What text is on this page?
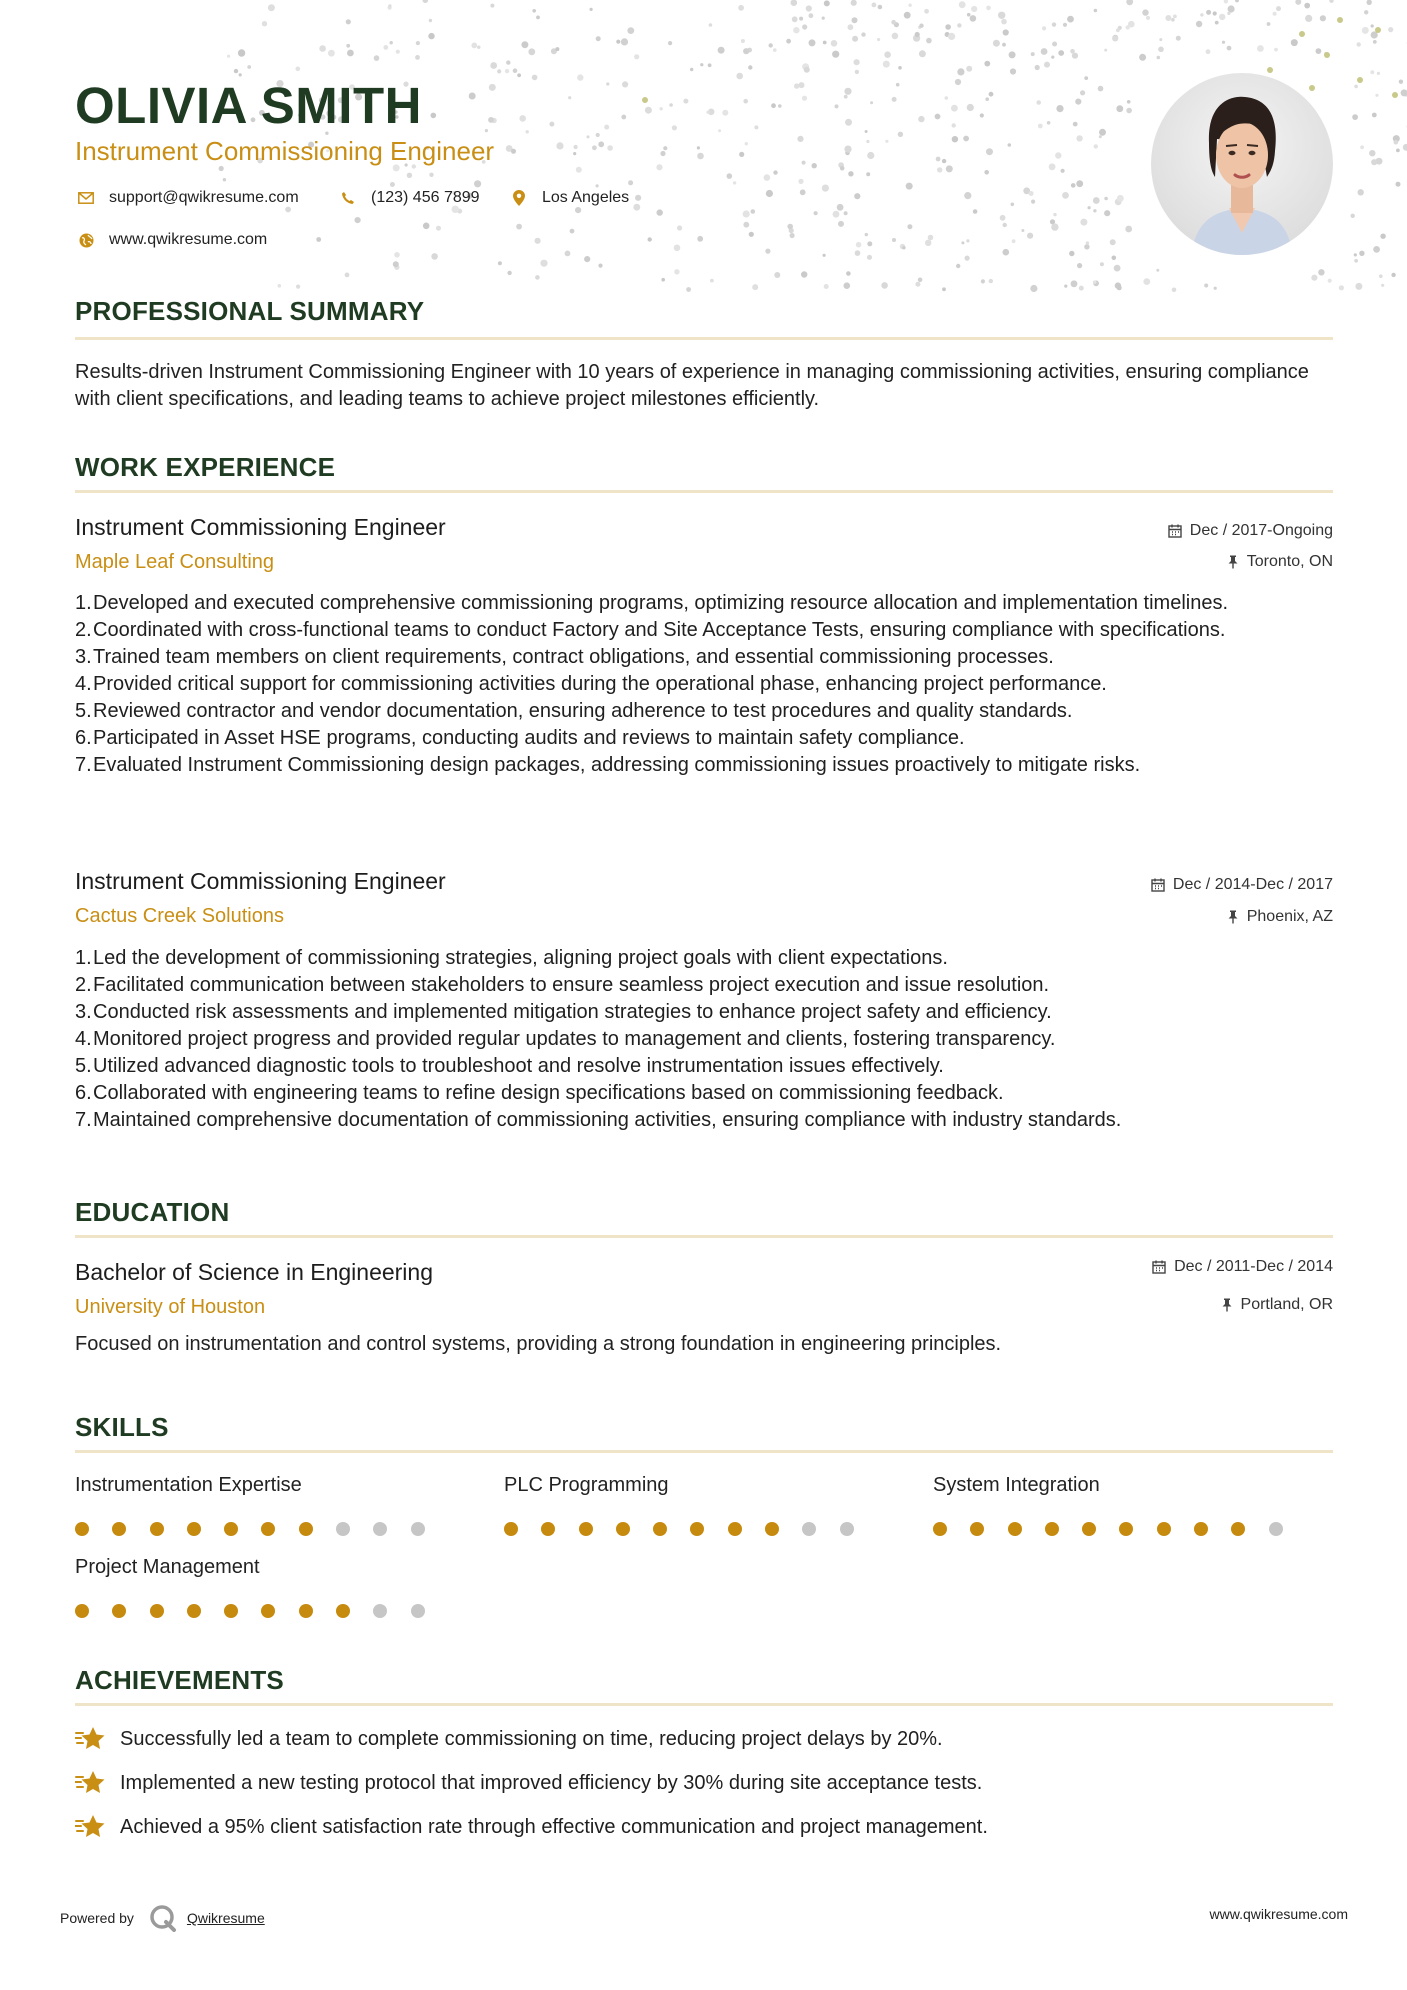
OLIVIA SMITH
Instrument Commissioning Engineer
support@qwikresume.com	(123) 456 7899	Los Angeles
www.qwikresume.com
PROFESSIONAL SUMMARY
Results-driven Instrument Commissioning Engineer with 10 years of experience in managing commissioning activities, ensuring compliance with client specifications, and leading teams to achieve project milestones efficiently.
WORK EXPERIENCE
Instrument Commissioning Engineer
Maple Leaf Consulting
Dec / 2017-Ongoing
Toronto, ON
1. Developed and executed comprehensive commissioning programs, optimizing resource allocation and implementation timelines.
2. Coordinated with cross-functional teams to conduct Factory and Site Acceptance Tests, ensuring compliance with specifications.
3. Trained team members on client requirements, contract obligations, and essential commissioning processes.
4. Provided critical support for commissioning activities during the operational phase, enhancing project performance.
5. Reviewed contractor and vendor documentation, ensuring adherence to test procedures and quality standards.
6. Participated in Asset HSE programs, conducting audits and reviews to maintain safety compliance.
7. Evaluated Instrument Commissioning design packages, addressing commissioning issues proactively to mitigate risks.
Instrument Commissioning Engineer
Cactus Creek Solutions
Dec / 2014-Dec / 2017
Phoenix, AZ
1. Led the development of commissioning strategies, aligning project goals with client expectations.
2. Facilitated communication between stakeholders to ensure seamless project execution and issue resolution.
3. Conducted risk assessments and implemented mitigation strategies to enhance project safety and efficiency.
4. Monitored project progress and provided regular updates to management and clients, fostering transparency.
5. Utilized advanced diagnostic tools to troubleshoot and resolve instrumentation issues effectively.
6. Collaborated with engineering teams to refine design specifications based on commissioning feedback.
7. Maintained comprehensive documentation of commissioning activities, ensuring compliance with industry standards.
EDUCATION
Bachelor of Science in Engineering
University of Houston
Dec / 2011-Dec / 2014
Portland, OR
Focused on instrumentation and control systems, providing a strong foundation in engineering principles.
SKILLS
Instrumentation Expertise	PLC Programming	System Integration
Project Management
ACHIEVEMENTS
Successfully led a team to complete commissioning on time, reducing project delays by 20%.
Implemented a new testing protocol that improved efficiency by 30% during site acceptance tests.
Achieved a 95% client satisfaction rate through effective communication and project management.
Powered by	Qwikresume	www.qwikresume.com
